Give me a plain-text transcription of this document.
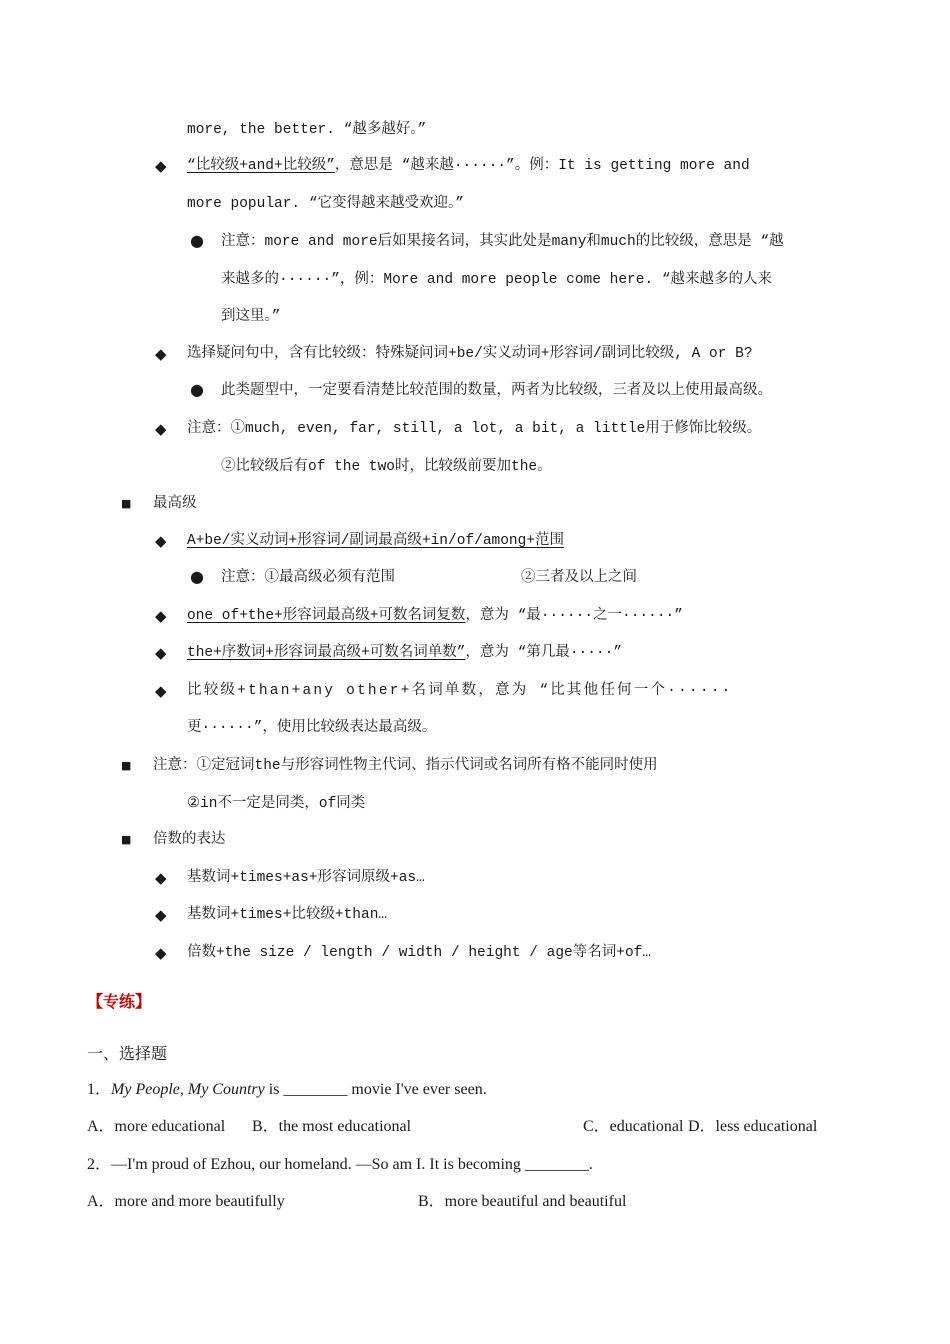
more, the better. “越多越好。”
◆ “比较级+and+比较级”，意思是 “越来越······”。例：It is getting more and
more popular. “它变得越来越受欢迎。”
● 注意：more and more后如果接名词，其实此处是many和much的比较级，意思是 “越
来越多的······”，例：More and more people come here. “越来越多的人来
到这里。”
◆ 选择疑问句中，含有比较级：特殊疑问词+be/实义动词+形容词/副词比较级, A or B?
● 此类题型中，一定要看清楚比较范围的数量，两者为比较级，三者及以上使用最高级。
◆ 注意：①much, even, far, still, a lot, a bit, a little用于修饰比较级。
②比较级后有of the two时，比较级前要加the。
■ 最高级
◆ A+be/实义动词+形容词/副词最高级+in/of/among+范围
● 注意：①最高级必须有范围	②三者及以上之间
◆ one of+the+形容词最高级+可数名词复数，意为 “最······之一······”
◆ the+序数词+形容词最高级+可数名词单数”，意为 “第几最·····”
◆ 比较级+than+any other+名词单数，意为 “比其他任何一个······
更······”，使用比较级表达最高级。
■ 注意：①定冠词the与形容词性物主代词、指示代词或名词所有格不能同时使用
②in不一定是同类，of同类
■ 倍数的表达
◆ 基数词+times+as+形容词原级+as…
◆ 基数词+times+比较级+than…
◆ 倍数+the size / length / width / height / age等名词+of…
【专练】
一、选择题
1．My People, My Country is ________ movie I've ever seen.
A．more educational B．the most educational	C．educational D．less educational
2．—I'm proud of Ezhou, our homeland. —So am I. It is becoming ________.
A．more and more beautifully	B．more beautiful and beautiful
